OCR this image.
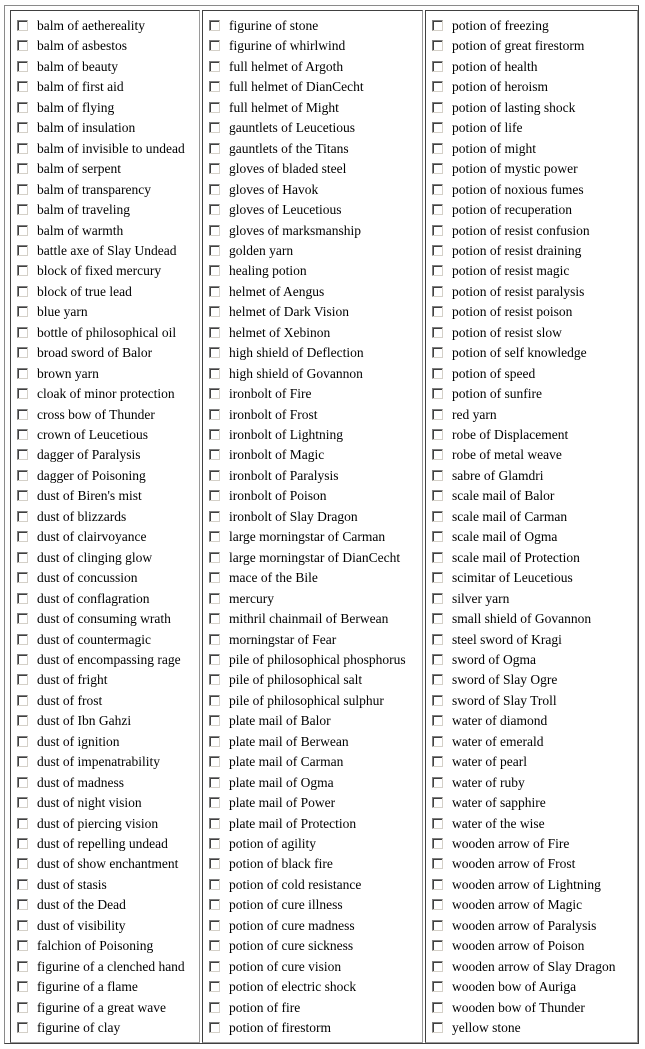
balm of aethereality
balm of asbestos
balm of beauty
balm of first aid
balm of flying
balm of insulation
balm of invisible to undead
balm of serpent
balm of transparency
balm of traveling
balm of warmth
battle axe of Slay Undead
block of fixed mercury
block of true lead
blue yarn
bottle of philosophical oil
broad sword of Balor
brown yarn
cloak of minor protection
cross bow of Thunder
crown of Leucetious
dagger of Paralysis
dagger of Poisoning
dust of Biren's mist
dust of blizzards
dust of clairvoyance
dust of clinging glow
dust of concussion
dust of conflagration
dust of consuming wrath
dust of countermagic
dust of encompassing rage
dust of fright
dust of frost
dust of Ibn Gahzi
dust of ignition
dust of impenatrability
dust of madness
dust of night vision
dust of piercing vision
dust of repelling undead
dust of show enchantment
dust of stasis
dust of the Dead
dust of visibility
falchion of Poisoning
figurine of a clenched hand
figurine of a flame
figurine of a great wave
figurine of clay
figurine of stone
figurine of whirlwind
full helmet of Argoth
full helmet of DianCecht
full helmet of Might
gauntlets of Leucetious
gauntlets of the Titans
gloves of bladed steel
gloves of Havok
gloves of Leucetious
gloves of marksmanship
golden yarn
healing potion
helmet of Aengus
helmet of Dark Vision
helmet of Xebinon
high shield of Deflection
high shield of Govannon
ironbolt of Fire
ironbolt of Frost
ironbolt of Lightning
ironbolt of Magic
ironbolt of Paralysis
ironbolt of Poison
ironbolt of Slay Dragon
large morningstar of Carman
large morningstar of DianCecht
mace of the Bile
mercury
mithril chainmail of Berwean
morningstar of Fear
pile of philosophical phosphorus
pile of philosophical salt
pile of philosophical sulphur
plate mail of Balor
plate mail of Berwean
plate mail of Carman
plate mail of Ogma
plate mail of Power
plate mail of Protection
potion of agility
potion of black fire
potion of cold resistance
potion of cure illness
potion of cure madness
potion of cure sickness
potion of cure vision
potion of electric shock
potion of fire
potion of firestorm
potion of freezing
potion of great firestorm
potion of health
potion of heroism
potion of lasting shock
potion of life
potion of might
potion of mystic power
potion of noxious fumes
potion of recuperation
potion of resist confusion
potion of resist draining
potion of resist magic
potion of resist paralysis
potion of resist poison
potion of resist slow
potion of self knowledge
potion of speed
potion of sunfire
red yarn
robe of Displacement
robe of metal weave
sabre of Glamdri
scale mail of Balor
scale mail of Carman
scale mail of Ogma
scale mail of Protection
scimitar of Leucetious
silver yarn
small shield of Govannon
steel sword of Kragi
sword of Ogma
sword of Slay Ogre
sword of Slay Troll
water of diamond
water of emerald
water of pearl
water of ruby
water of sapphire
water of the wise
wooden arrow of Fire
wooden arrow of Frost
wooden arrow of Lightning
wooden arrow of Magic
wooden arrow of Paralysis
wooden arrow of Poison
wooden arrow of Slay Dragon
wooden bow of Auriga
wooden bow of Thunder
yellow stone
